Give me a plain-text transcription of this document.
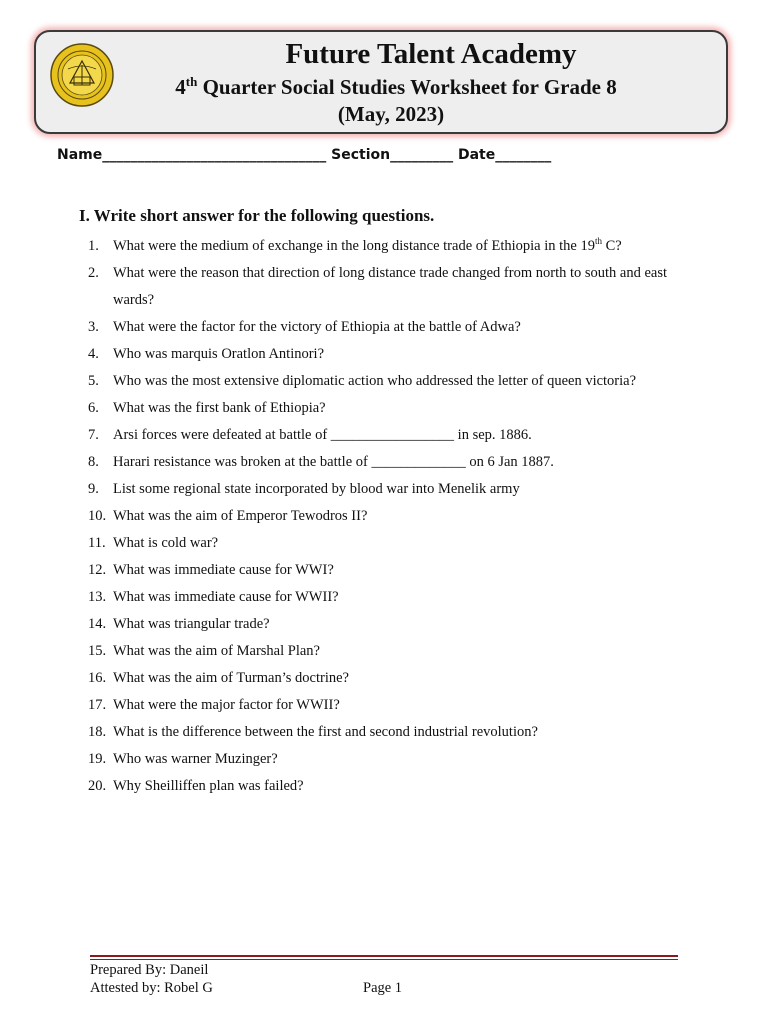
Future Talent Academy
4th Quarter Social Studies Worksheet for Grade 8
(May, 2023)
Name________________________________ Section_________ Date________
I. Write short answer for the following questions.
1. What were the medium of exchange in the long distance trade of Ethiopia in the 19th C?
2. What were the reason that direction of long distance trade changed from north to south and east wards?
3. What were the factor for the victory of Ethiopia at the battle of Adwa?
4. Who was marquis Oratlon Antinori?
5. Who was the most extensive diplomatic action who addressed the letter of queen victoria?
6. What was the first bank of Ethiopia?
7. Arsi forces were defeated at battle of _________________ in sep. 1886.
8. Harari resistance was broken at the battle of _____________ on 6 Jan 1887.
9. List some regional state incorporated by blood war into Menelik army
10. What was the aim of Emperor Tewodros II?
11. What is cold war?
12. What was immediate cause for WWI?
13. What was immediate cause for WWII?
14. What was triangular trade?
15. What was the aim of Marshal Plan?
16. What was the aim of Turman’s doctrine?
17. What were the major factor for WWII?
18. What is the difference between the first and second industrial revolution?
19. Who was warner Muzinger?
20. Why Sheilliffen plan was failed?
Prepared By: Daneil
Attested by: Robel G	Page 1
